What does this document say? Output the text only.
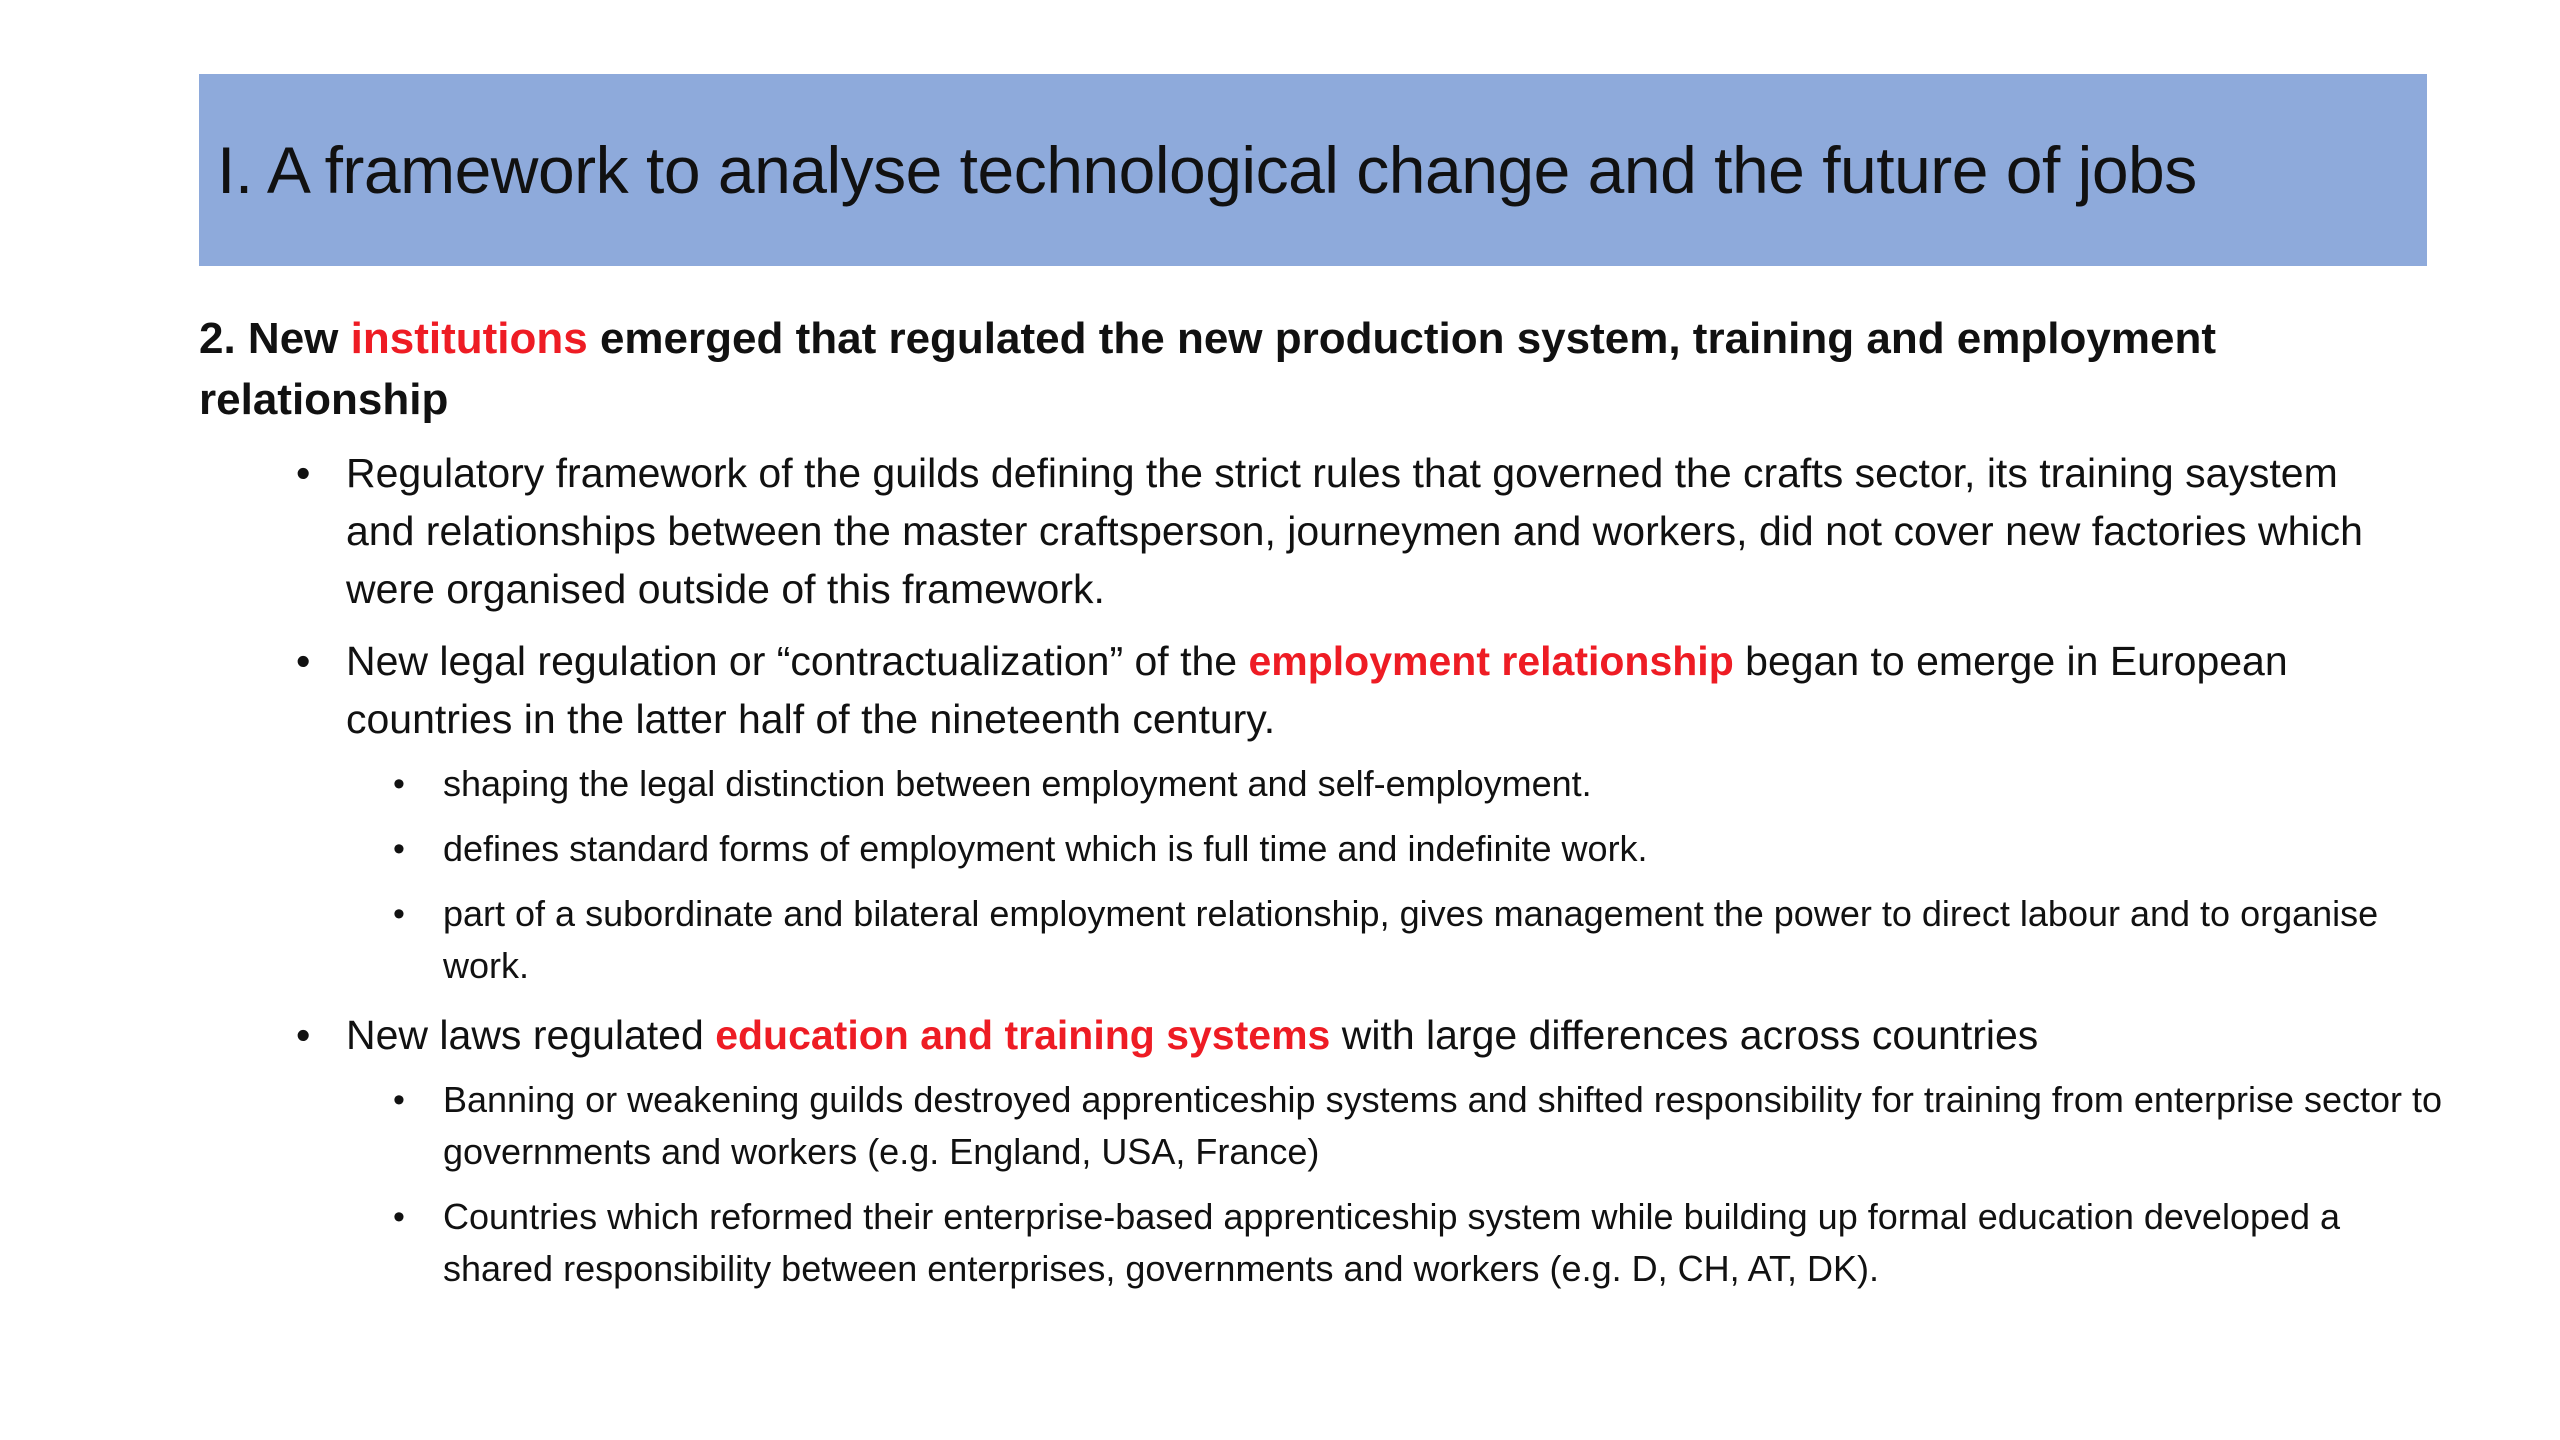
I. A framework to analyse technological change and the future of jobs

2. New institutions emerged that regulated the new production system, training and employment relationship

• Regulatory framework of the guilds defining the strict rules that governed the crafts sector, its training saystem and relationships between the master craftsperson, journeymen and workers, did not cover new factories which were organised outside of this framework.
• New legal regulation or “contractualization” of the employment relationship began to emerge in European countries in the latter half of the nineteenth century.
• shaping the legal distinction between employment and self-employment.
• defines standard forms of employment which is full time and indefinite work.
• part of a subordinate and bilateral employment relationship, gives management the power to direct labour and to organise work.
• New laws regulated education and training systems with large differences across countries
• Banning or weakening guilds destroyed apprenticeship systems and shifted responsibility for training from enterprise sector to governments and workers (e.g. England, USA, France)
• Countries which reformed their enterprise-based apprenticeship system while building up formal education developed a shared responsibility between enterprises, governments and workers (e.g. D, CH, AT, DK).
